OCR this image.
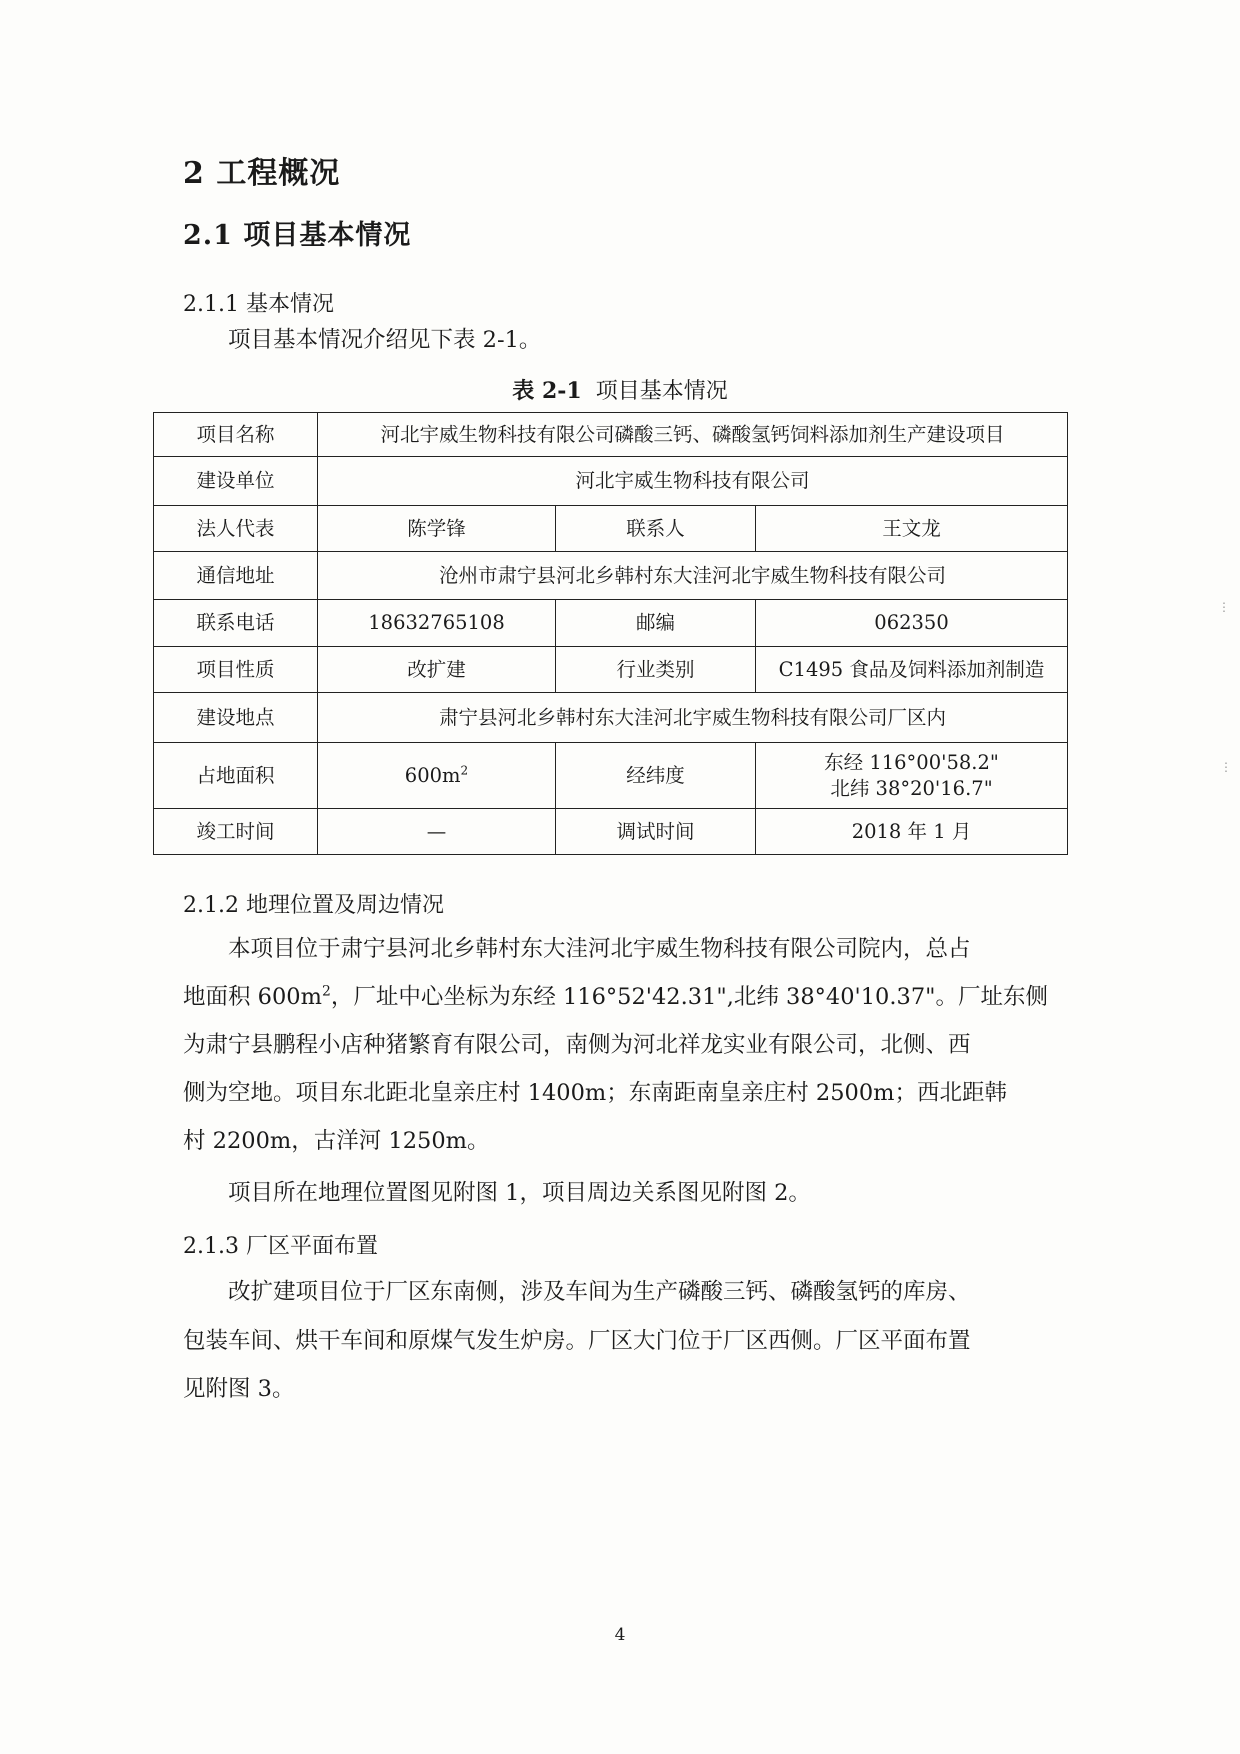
2 工程概况
2.1 项目基本情况
2.1.1 基本情况
项目基本情况介绍见下表 2-1。
表 2-1 项目基本情况
项目名称	河北宇威生物科技有限公司磷酸三钙、磷酸氢钙饲料添加剂生产建设项目		
建设单位	河北宇威生物科技有限公司		
法人代表	陈学锋	联系人	王文龙
通信地址	沧州市肃宁县河北乡韩村东大洼河北宇威生物科技有限公司		
联系电话	18632765108	邮编	062350
项目性质	改扩建	行业类别	C1495 食品及饲料添加剂制造
建设地点	肃宁县河北乡韩村东大洼河北宇威生物科技有限公司厂区内		
占地面积	$600m^2$	经纬度	东经 116°00'58.2"
北纬 38°20'16.7"

竣工时间	—	调试时间	2018 年 1 月
2.1.2 地理位置及周边情况
本项目位于肃宁县河北乡韩村东大洼河北宇威生物科技有限公司院内，总占
地面积 $600m^2$，厂址中心坐标为东经 116°52'42.31",北纬 38°40'10.37"。厂址东侧
为肃宁县鹏程小店种猪繁育有限公司，南侧为河北祥龙实业有限公司，北侧、西
侧为空地。项目东北距北皇亲庄村 1400m；东南距南皇亲庄村 2500m；西北距韩
村 2200m，古洋河 1250m。
项目所在地理位置图见附图 1，项目周边关系图见附图 2。
2.1.3 厂区平面布置
改扩建项目位于厂区东南侧，涉及车间为生产磷酸三钙、磷酸氢钙的库房、
包装车间、烘干车间和原煤气发生炉房。厂区大门位于厂区西侧。厂区平面布置
见附图 3。
4
⋮
⋮
